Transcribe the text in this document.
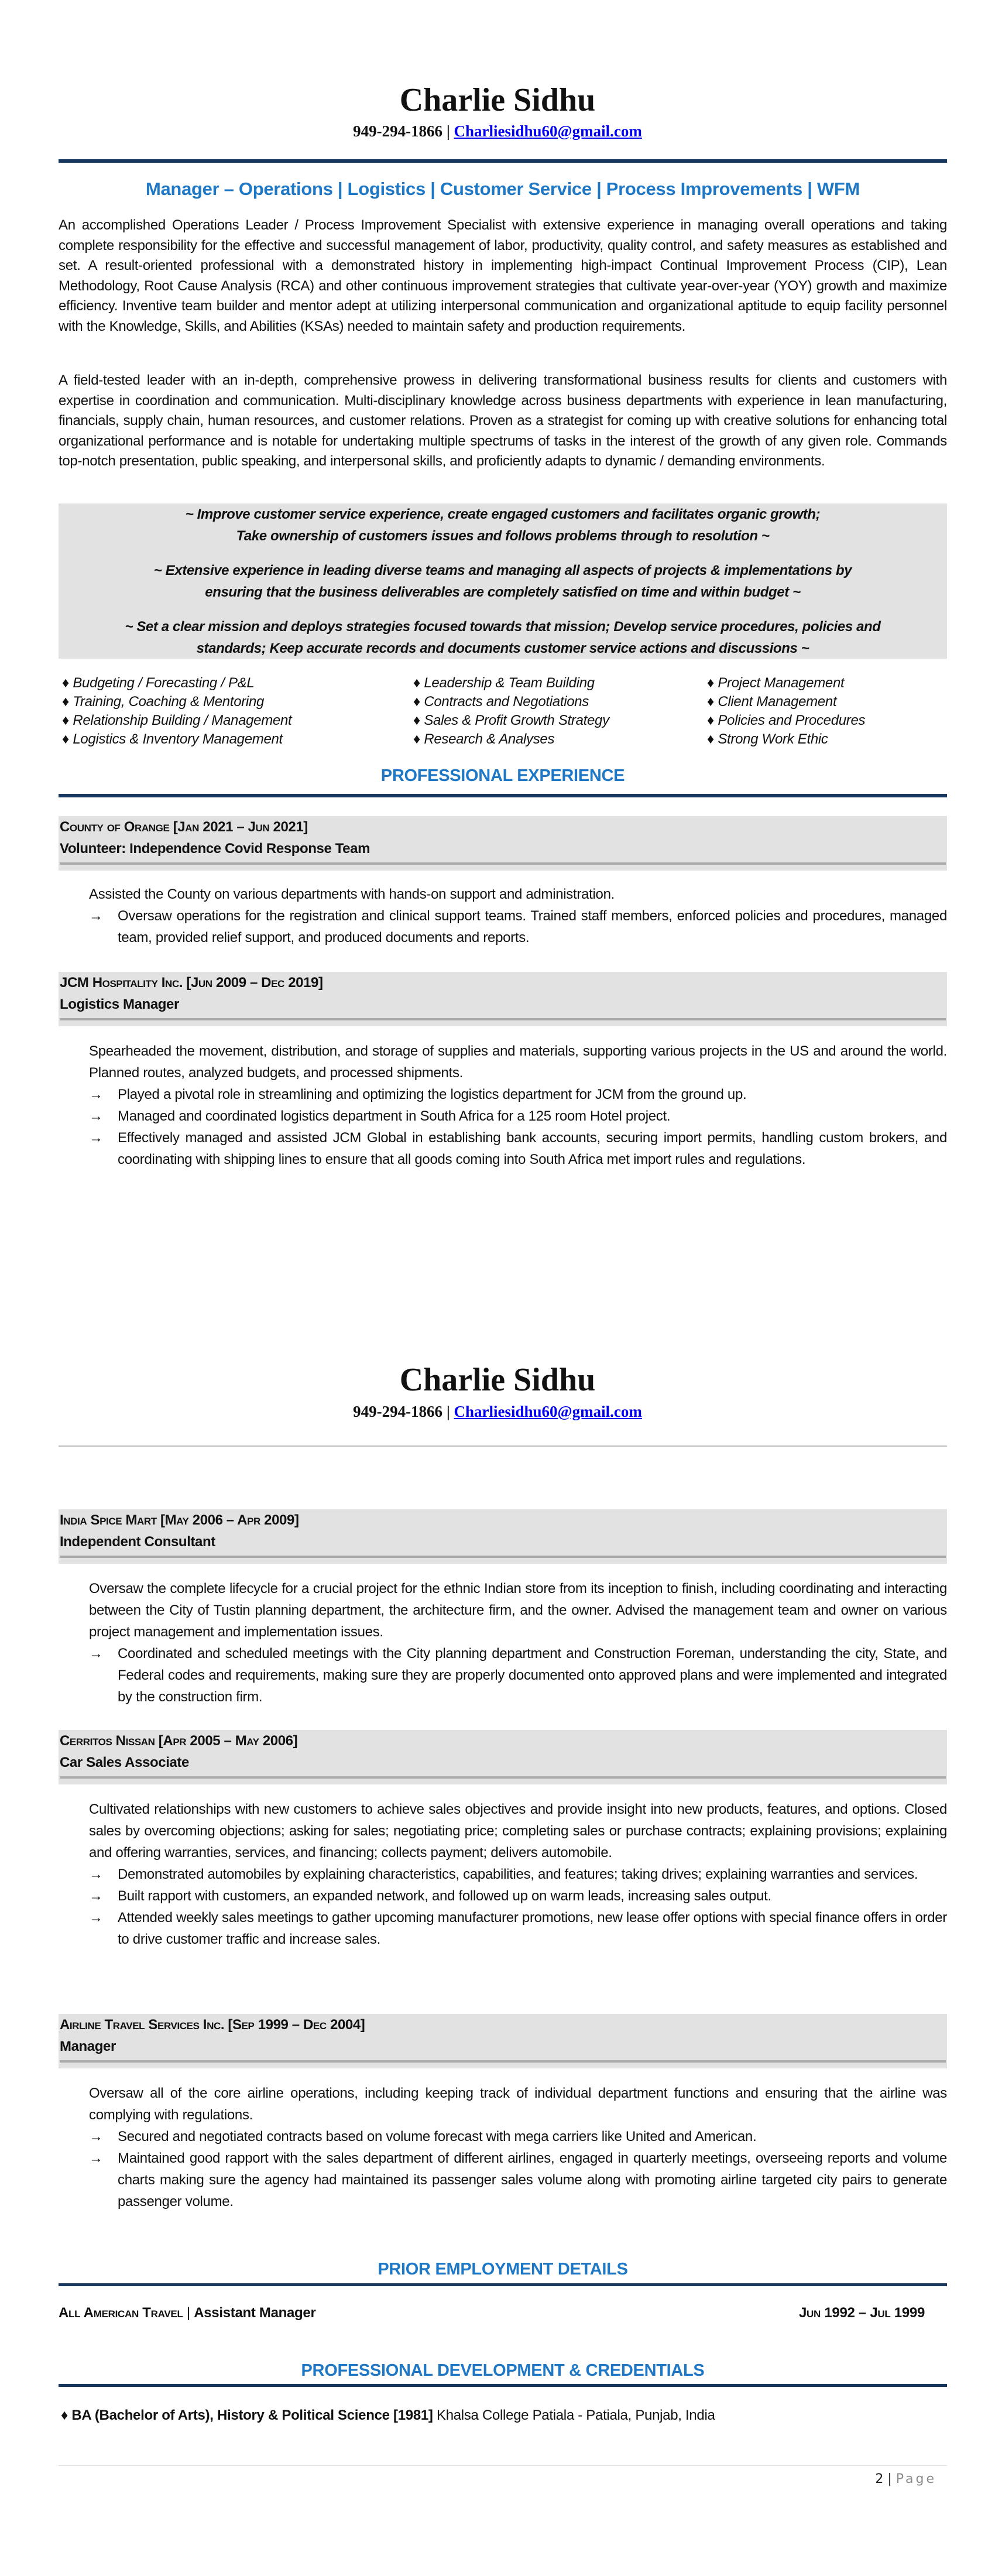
Charlie Sidhu
949-294-1866 | Charliesidhu60@gmail.com
Manager – Operations | Logistics | Customer Service | Process Improvements | WFM
An accomplished Operations Leader / Process Improvement Specialist with extensive experience in managing overall operations and taking complete responsibility for the effective and successful management of labor, productivity, quality control, and safety measures as established and set. A result-oriented professional with a demonstrated history in implementing high-impact Continual Improvement Process (CIP), Lean Methodology, Root Cause Analysis (RCA) and other continuous improvement strategies that cultivate year-over-year (YOY) growth and maximize efficiency. Inventive team builder and mentor adept at utilizing interpersonal communication and organizational aptitude to equip facility personnel with the Knowledge, Skills, and Abilities (KSAs) needed to maintain safety and production requirements.
A field-tested leader with an in-depth, comprehensive prowess in delivering transformational business results for clients and customers with expertise in coordination and communication. Multi-disciplinary knowledge across business departments with experience in lean manufacturing, financials, supply chain, human resources, and customer relations. Proven as a strategist for coming up with creative solutions for enhancing total organizational performance and is notable for undertaking multiple spectrums of tasks in the interest of the growth of any given role. Commands top-notch presentation, public speaking, and interpersonal skills, and proficiently adapts to dynamic / demanding environments.

~ Improve customer service experience, create engaged customers and facilitates organic growth;
Take ownership of customers issues and follows problems through to resolution ~

~ Extensive experience in leading diverse teams and managing all aspects of projects & implementations by
ensuring that the business deliverables are completely satisfied on time and within budget ~

~ Set a clear mission and deploys strategies focused towards that mission; Develop service procedures, policies and
standards; Keep accurate records and documents customer service actions and discussions ~

♦ Budgeting / Forecasting / P&L
♦ Training, Coaching & Mentoring
♦ Relationship Building / Management
♦ Logistics & Inventory Management
♦ Leadership & Team Building
♦ Contracts and Negotiations
♦ Sales & Profit Growth Strategy
♦ Research & Analyses
♦ Project Management
♦ Client Management
♦ Policies and Procedures
♦ Strong Work Ethic
PROFESSIONAL EXPERIENCE
County of Orange [Jan 2021 – Jun 2021]
Volunteer: Independence Covid Response Team

Assisted the County on various departments with hands-on support and administration.

→ Oversaw operations for the registration and clinical support teams. Trained staff members, enforced policies and procedures, managed team, provided relief support, and produced documents and reports.
JCM Hospitality Inc. [Jun 2009 – Dec 2019]
Logistics Manager

Spearheaded the movement, distribution, and storage of supplies and materials, supporting various projects in the US and around the world. Planned routes, analyzed budgets, and processed shipments.

→ Played a pivotal role in streamlining and optimizing the logistics department for JCM from the ground up.
→ Managed and coordinated logistics department in South Africa for a 125 room Hotel project.
→ Effectively managed and assisted JCM Global in establishing bank accounts, securing import permits, handling custom brokers, and coordinating with shipping lines to ensure that all goods coming into South Africa met import rules and regulations.
Charlie Sidhu
949-294-1866 | Charliesidhu60@gmail.com
India Spice Mart [May 2006 – Apr 2009]
Independent Consultant

Oversaw the complete lifecycle for a crucial project for the ethnic Indian store from its inception to finish, including coordinating and interacting between the City of Tustin planning department, the architecture firm, and the owner. Advised the management team and owner on various project management and implementation issues.

→ Coordinated and scheduled meetings with the City planning department and Construction Foreman, understanding the city, State, and Federal codes and requirements, making sure they are properly documented onto approved plans and were implemented and integrated by the construction firm.
Cerritos Nissan [Apr 2005 – May 2006]
Car Sales Associate

Cultivated relationships with new customers to achieve sales objectives and provide insight into new products, features, and options. Closed sales by overcoming objections; asking for sales; negotiating price; completing sales or purchase contracts; explaining provisions; explaining and offering warranties, services, and financing; collects payment; delivers automobile.

→ Demonstrated automobiles by explaining characteristics, capabilities, and features; taking drives; explaining warranties and services.
→ Built rapport with customers, an expanded network, and followed up on warm leads, increasing sales output.
→ Attended weekly sales meetings to gather upcoming manufacturer promotions, new lease offer options with special finance offers in order to drive customer traffic and increase sales.
Airline Travel Services Inc. [Sep 1999 – Dec 2004]
Manager

Oversaw all of the core airline operations, including keeping track of individual department functions and ensuring that the airline was complying with regulations.

→ Secured and negotiated contracts based on volume forecast with mega carriers like United and American.
→ Maintained good rapport with the sales department of different airlines, engaged in quarterly meetings, overseeing reports and volume charts making sure the agency had maintained its passenger sales volume along with promoting airline targeted city pairs to generate passenger volume.
PRIOR EMPLOYMENT DETAILS
All American Travel | Assistant Manager	Jun 1992 – Jul 1999
PROFESSIONAL DEVELOPMENT & CREDENTIALS
♦ BA (Bachelor of Arts), History & Political Science [1981] Khalsa College Patiala - Patiala, Punjab, India
2 | Page
